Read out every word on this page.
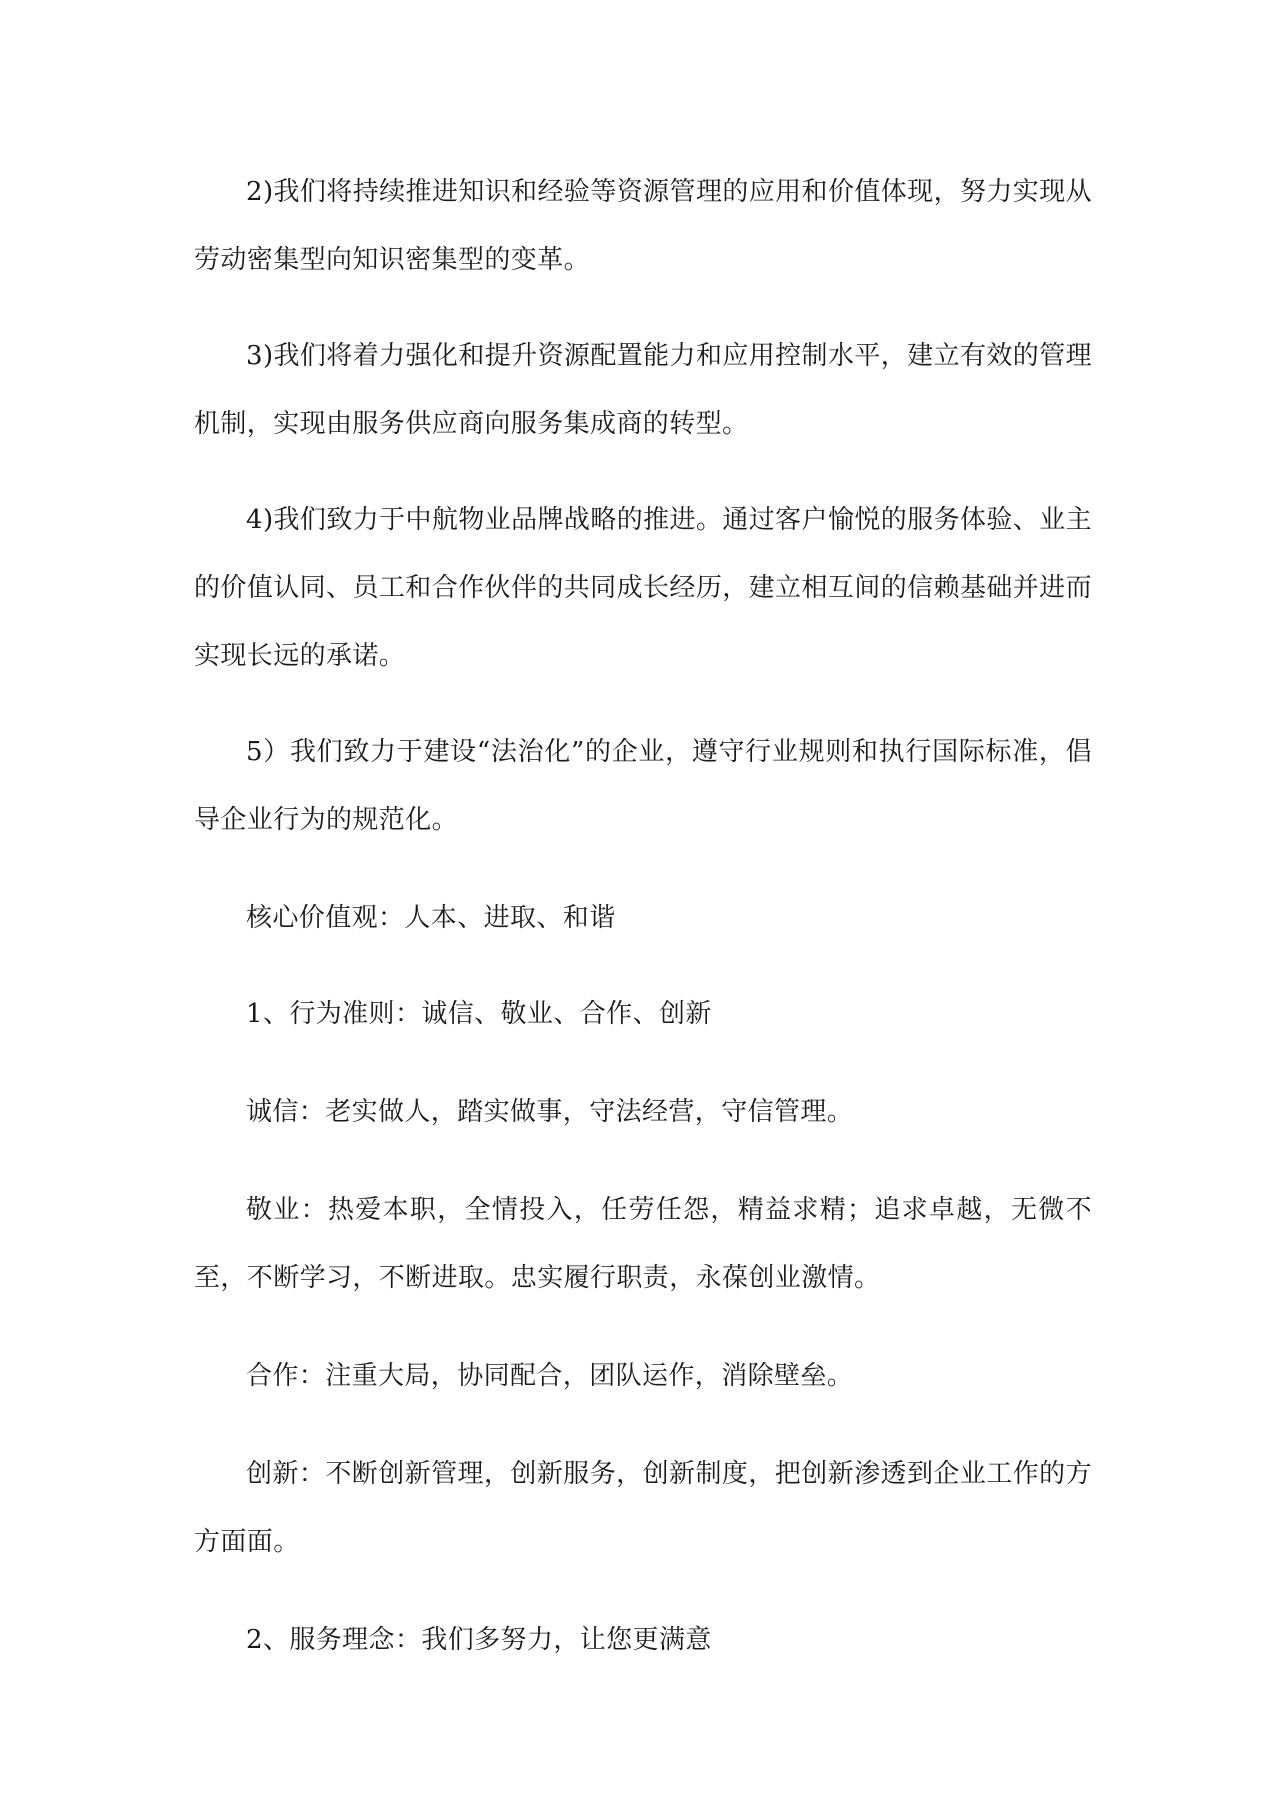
2)我们将持续推进知识和经验等资源管理的应用和价值体现，努力实现从劳动密集型向知识密集型的变革。

3)我们将着力强化和提升资源配置能力和应用控制水平，建立有效的管理机制，实现由服务供应商向服务集成商的转型。

4)我们致力于中航物业品牌战略的推进。通过客户愉悦的服务体验、业主的价值认同、员工和合作伙伴的共同成长经历，建立相互间的信赖基础并进而实现长远的承诺。

5）我们致力于建设“法治化”的企业，遵守行业规则和执行国际标准，倡导企业行为的规范化。

核心价值观：人本、进取、和谐

1、行为准则：诚信、敬业、合作、创新

诚信：老实做人，踏实做事，守法经营，守信管理。

敬业：热爱本职，全情投入，任劳任怨，精益求精；追求卓越，无微不至，不断学习，不断进取。忠实履行职责，永葆创业激情。

合作：注重大局，协同配合，团队运作，消除壁垒。

创新：不断创新管理，创新服务，创新制度，把创新渗透到企业工作的方方面面。

2、服务理念：我们多努力，让您更满意
